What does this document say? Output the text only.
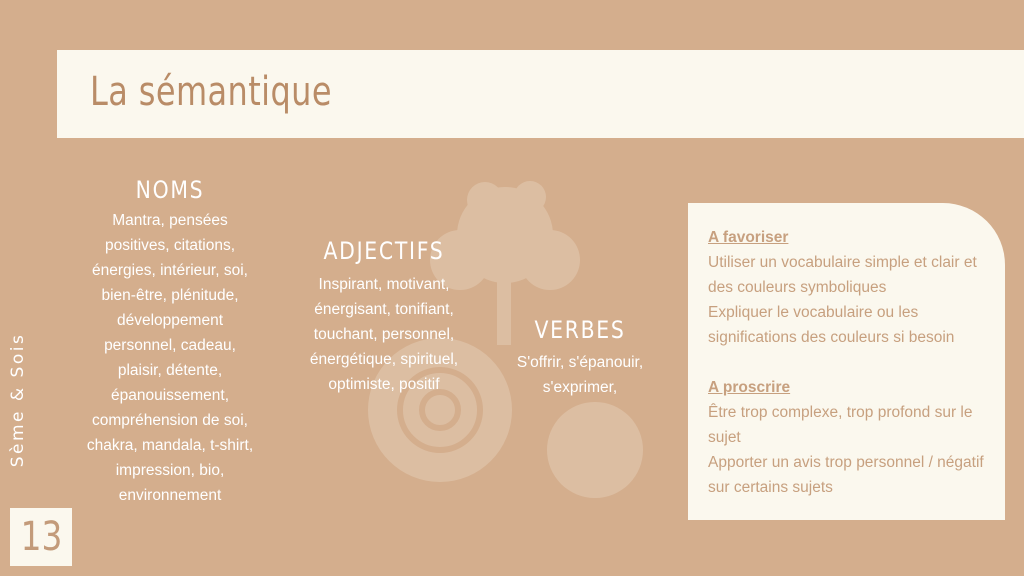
La sémantique
Sème & Sois
13
NOMS

Mantra, pensées positives, citations, énergies, intérieur, soi, bien-être, plénitude, développement personnel, cadeau, plaisir, détente, épanouissement, compréhension de soi, chakra, mandala, t-shirt, impression, bio, environnement

ADJECTIFS

Inspirant, motivant, énergisant, tonifiant, touchant, personnel, énergétique, spirituel, optimiste, positif

VERBES

S'offrir, s'épanouir, s'exprimer,

A favoriser
Utiliser un vocabulaire simple et clair et des couleurs symboliques
Expliquer le vocabulaire ou les significations des couleurs si besoin
A proscrire
Être trop complexe, trop profond sur le sujet
Apporter un avis trop personnel / négatif sur certains sujets
